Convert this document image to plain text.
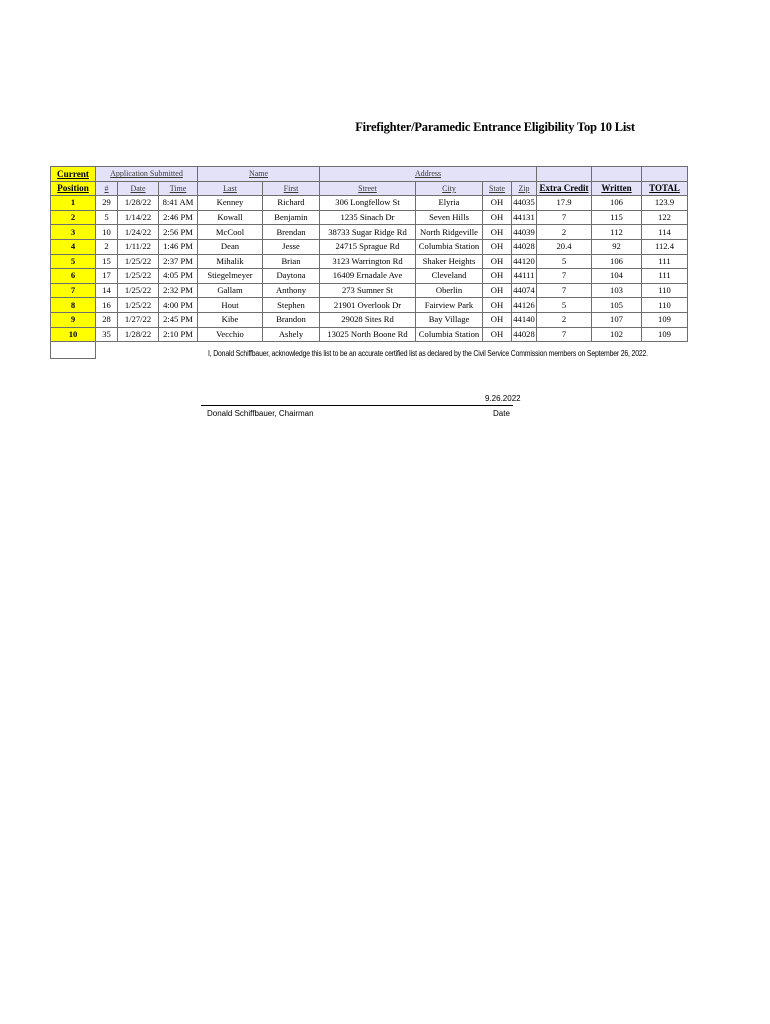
Firefighter/Paramedic Entrance Eligibility Top 10 List
Current	Application Submitted			Name		Address						
Position	#	Date	Time	Last	First	Street	City	State	Zip	Extra Credit	Written	TOTAL
1	29	1/28/22	8:41 AM	Kenney	Richard	306 Longfellow St	Elyria	OH	44035	17.9	106	123.9
2	5	1/14/22	2:46 PM	Kowall	Benjamin	1235 Sinach Dr	Seven Hills	OH	44131	7	115	122
3	10	1/24/22	2:56 PM	McCool	Brendan	38733 Sugar Ridge Rd	North Ridgeville	OH	44039	2	112	114
4	2	1/11/22	1:46 PM	Dean	Jesse	24715 Sprague Rd	Columbia Station	OH	44028	20.4	92	112.4
5	15	1/25/22	2:37 PM	Mihalik	Brian	3123 Warrington Rd	Shaker Heights	OH	44120	5	106	111
6	17	1/25/22	4:05 PM	Stiegelmeyer	Daytona	16409 Ernadale Ave	Cleveland	OH	44111	7	104	111
7	14	1/25/22	2:32 PM	Gallam	Anthony	273 Sumner St	Oberlin	OH	44074	7	103	110
8	16	1/25/22	4:00 PM	Hout	Stephen	21901 Overlook Dr	Fairview Park	OH	44126	5	105	110
9	28	1/27/22	2:45 PM	Kibe	Brandon	29028 Sites Rd	Bay Village	OH	44140	2	107	109
10	35	1/28/22	2:10 PM	Vecchio	Ashely	13025 North Boone Rd	Columbia Station	OH	44028	7	102	109

I, Donald Schiffbauer, acknowledge this list to be an accurate certified list as declared by the Civil Service Commission members on September 26, 2022.
9.26.2022
Donald Schiffbauer, Chairman	Date
